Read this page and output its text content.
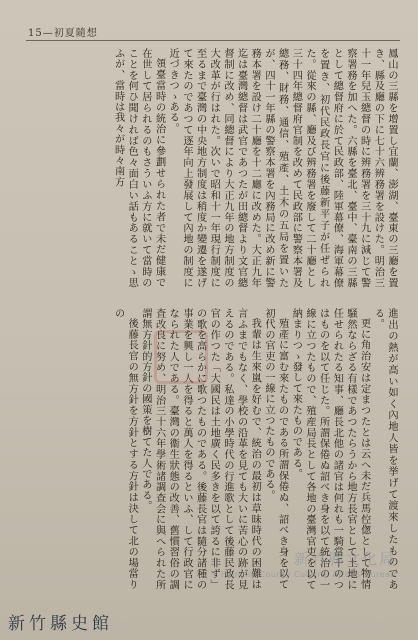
15—初夏隨想

鳳山の三縣を增置し宜蘭、澎湖、臺東の三廳を置き、縣及廳の下に七十六辨務署を設けた。明治三十一年兒玉總督の時に辨務署を三十九に減じて警察署務を加へた。六縣を臺北、臺中、臺南の三縣として總督府に於て民政部、陸軍幕僚、海軍幕僚を置き、初代民政長官に後藤新平子が任ぜられた。從來の縣、廳及び辨務署を廢して二十廳とし三十四年總督府官制を改めて民政部に警察本署及總務、財務、通信、殖產、土木の五局を置いたが、四十一年縣の警察本署を內務局に改め新に警務本署を設け二十廳を十二廳に改めた。大正九年迄は臺灣總督は武官であつたが田總督より文官總督制に改め、同總督により大正九年の地方制度の大改革が行はれた。次いで昭和十一年現行制度に至るまで臺灣の中央地方制度は稍度か變遷を遂げて來たのであつて逐年向上發展して內地の制度に近づきつゝある。

領臺當時の統治に參劃せられた者で未だ健康で在世して居られるのもさういふ方に就いて當時のことを何ひ聞ければ色々面白い話もあることゝ思ふが、當時は我々が時々南方

進出の熱が高い如く內地人皆を挙げて渡來したものである。

更に角治安は定まつたとは云へ未だ兵馬倥偬として物情騒然ならざる有樣であつたらうから地方長官として土地に任せられたる知事、廳長北他の諸官は何れも一騎當千のつはものを以て任じた。所謂保倦ぬ詔べき身を以て統治の一線に立つたもので、殖産局長として各地の臺灣官吏を以て納まりつゝ發して來たものである。

殖產に富む來たものである所謂保倦ぬ、詔べき身を以て初代の官吏の一線に立つたものである。

我輩は生來嵐を好むで、統治の最初は草昧時代の困難は言ふまでもなく、學校の沿革を見ても大いに苦心の跡が見えるのである。私達の小學時代の行進歌として後藤民政長官の作つた「大國民は土地廣く民多きを以て誇るに非ず」の歌を高らかに歌つたものである。後藤長官は隨分諸種の事業を興し一人を得ると萬人を得るといふ、して行政官になられた人である。臺灣の衞生狀態の改善、舊慣習俗の調査改良に努め、明治三十六年學術諸調查会に與へられた所謂無方針的方針の國策を樹てた人である。

後藤長官の無方針を方針とする方針は決して北の場當りの

新竹縣文化局
Hsinchu County Cultural Affairs Bureau
新竹縣史館
